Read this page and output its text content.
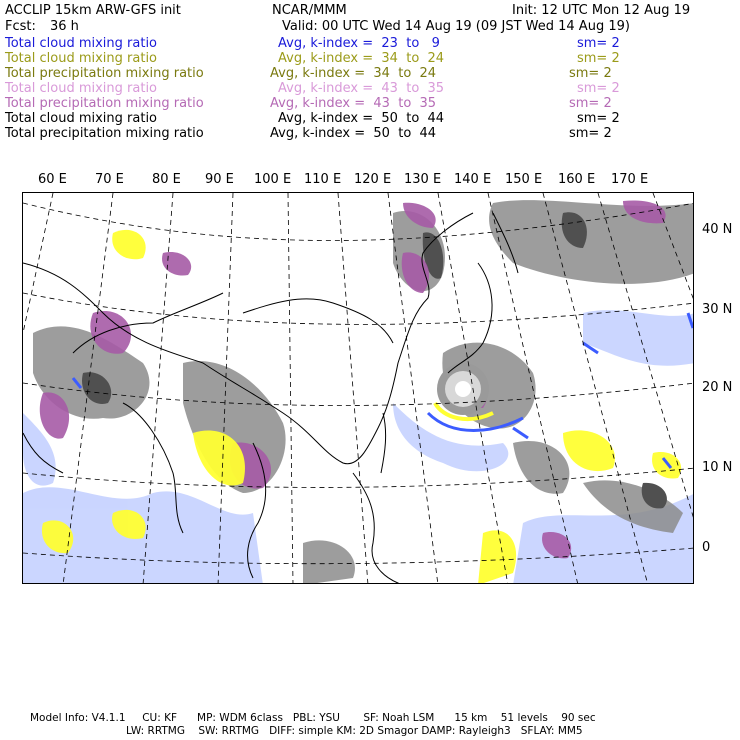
ACCLIP 15km ARW-GFS init	NCAR/MMM	Init: 12 UTC Mon 12 Aug 19
Fcst: 36 h	Valid: 00 UTC Wed 14 Aug 19 (09 JST Wed 14 Aug 19)
Total cloud mixing ratio	Avg, k-index =  23  to   9	sm= 2
Total cloud mixing ratio	Avg, k-index =  34  to  24	sm= 2
Total precipitation mixing ratio	Avg, k-index =  34  to  24	sm= 2
Total cloud mixing ratio	Avg, k-index =  43  to  35	sm= 2
Total precipitation mixing ratio	Avg, k-index =  43  to  35	sm= 2
Total cloud mixing ratio	Avg, k-index =  50  to  44	sm= 2
Total precipitation mixing ratio	Avg, k-index =  50  to  44	sm= 2
60 E 70 E 80 E 90 E 100 E 110 E 120 E 130 E 140 E 150 E 160 E 170 E
40 N
30 N
20 N
10 N
0
Model Info: V4.1.1     CU: KF      MP: WDM 6class   PBL: YSU       SF: Noah LSM      15 km    51 levels    90 sec
LW: RRTMG    SW: RRTMG   DIFF: simple KM: 2D Smagor DAMP: Rayleigh3   SFLAY: MM5
